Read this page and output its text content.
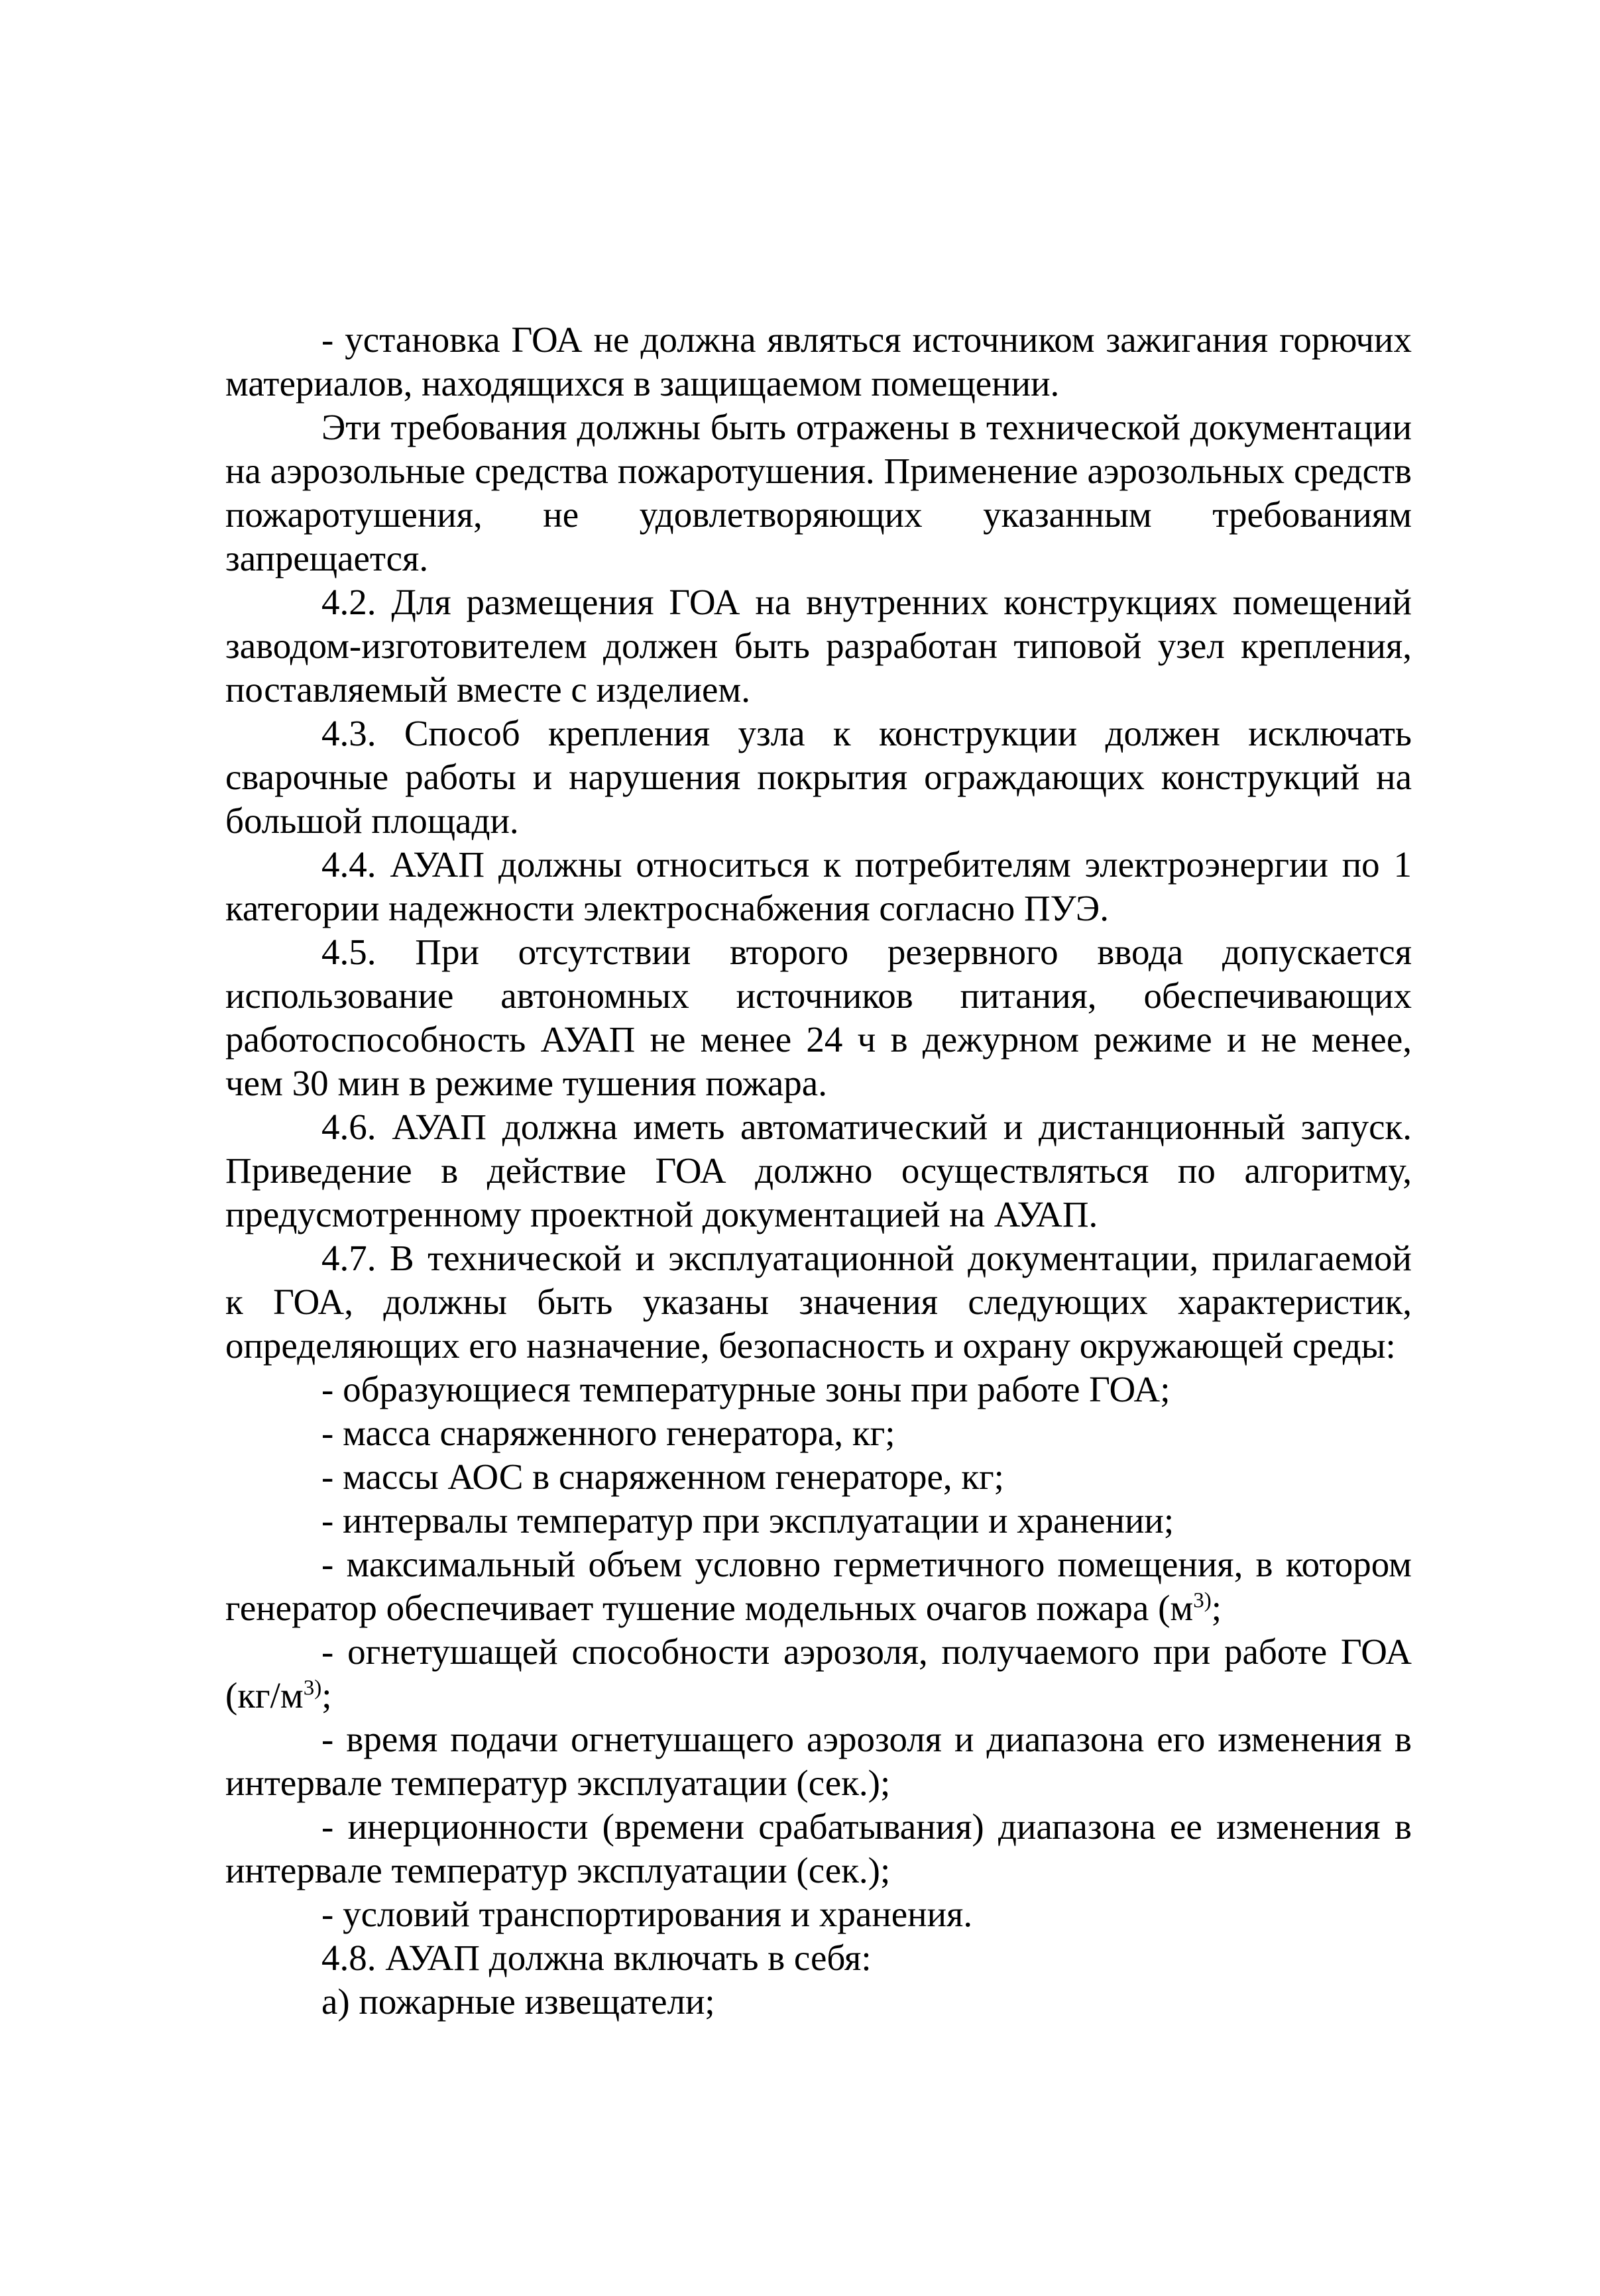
- установка ГОА не должна являться источником зажигания горючих материалов, находящихся в защищаемом помещении.

Эти требования должны быть отражены в технической документации на аэрозольные средства пожаротушения. Применение аэрозольных средств пожаротушения, не удовлетворяющих указанным требованиям запрещается.

4.2. Для размещения ГОА на внутренних конструкциях помещений заводом-изготовителем должен быть разработан типовой узел крепления, поставляемый вместе с изделием.

4.3. Способ крепления узла к конструкции должен исключать сварочные работы и нарушения покрытия ограждающих конструкций на большой площади.

4.4. АУАП должны относиться к потребителям электроэнергии по 1 категории надежности электроснабжения согласно ПУЭ.

4.5. При отсутствии второго резервного ввода допускается использование автономных источников питания, обеспечивающих работоспособность АУАП не менее 24 ч в дежурном режиме и не менее, чем 30 мин в режиме тушения пожара.

4.6. АУАП должна иметь автоматический и дистанционный запуск. Приведение в действие ГОА должно осуществляться по алгоритму, предусмотренному проектной документацией на АУАП.

4.7. В технической и эксплуатационной документации, прилагаемой к ГОА, должны быть указаны значения следующих характеристик, определяющих его назначение, безопасность и охрану окружающей среды:

- образующиеся температурные зоны при работе ГОА;

- масса снаряженного генератора, кг;

- массы АОС в снаряженном генераторе, кг;

- интервалы температур при эксплуатации и хранении;

- максимальный объем условно герметичного помещения, в котором генератор обеспечивает тушение модельных очагов пожара ($м^{3)}$;

- огнетушащей способности аэрозоля, получаемого при работе ГОА ($кг/м^{3)}$;

- время подачи огнетушащего аэрозоля и диапазона его изменения в интервале температур эксплуатации (сек.);

- инерционности (времени срабатывания) диапазона ее изменения в интервале температур эксплуатации (сек.);

- условий транспортирования и хранения.

4.8. АУАП должна включать в себя:

а) пожарные извещатели;
